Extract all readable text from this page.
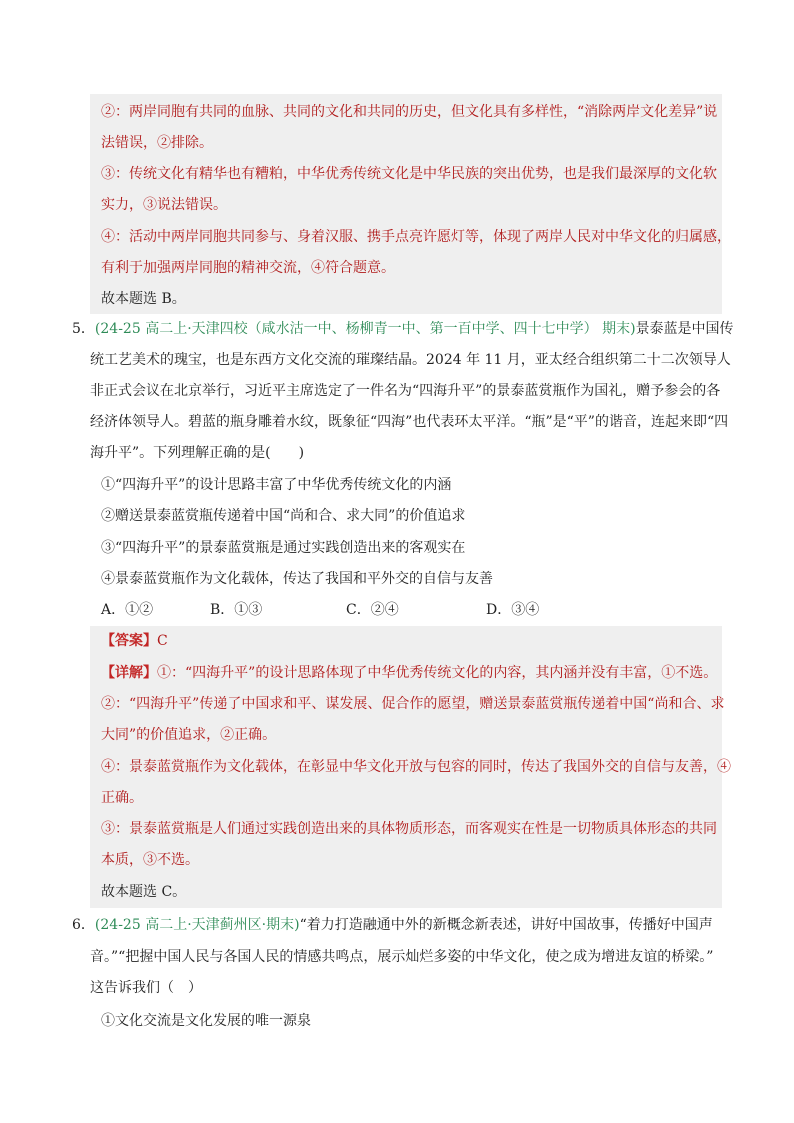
②：两岸同胞有共同的血脉、共同的文化和共同的历史，但文化具有多样性，“消除两岸文化差异”说
法错误，②排除。
③：传统文化有精华也有糟粕，中华优秀传统文化是中华民族的突出优势，也是我们最深厚的文化软
实力，③说法错误。
④：活动中两岸同胞共同参与、身着汉服、携手点亮许愿灯等，体现了两岸人民对中华文化的归属感，
有利于加强两岸同胞的精神交流，④符合题意。
故本题选 B。
5．(24-25 高二上·天津四校（咸水沽一中、杨柳青一中、第一百中学、四十七中学） 期末)景泰蓝是中国传
统工艺美术的瑰宝，也是东西方文化交流的璀璨结晶。2024 年 11 月，亚太经合组织第二十二次领导人
非正式会议在北京举行，习近平主席选定了一件名为“四海升平”的景泰蓝赏瓶作为国礼，赠予参会的各
经济体领导人。碧蓝的瓶身雕着水纹，既象征“四海”也代表环太平洋。“瓶”是“平”的谐音，连起来即“四
海升平”。下列理解正确的是(　　)
①“四海升平”的设计思路丰富了中华优秀传统文化的内涵
②赠送景泰蓝赏瓶传递着中国“尚和合、求大同”的价值追求
③“四海升平”的景泰蓝赏瓶是通过实践创造出来的客观实在
④景泰蓝赏瓶作为文化载体，传达了我国和平外交的自信与友善
A．①②	B．①③	C．②④	D．③④
【答案】C
【详解】①：“四海升平”的设计思路体现了中华优秀传统文化的内容，其内涵并没有丰富，①不选。
②：“四海升平”传递了中国求和平、谋发展、促合作的愿望，赠送景泰蓝赏瓶传递着中国“尚和合、求
大同”的价值追求，②正确。
④：景泰蓝赏瓶作为文化载体，在彰显中华文化开放与包容的同时，传达了我国外交的自信与友善，④
正确。
③：景泰蓝赏瓶是人们通过实践创造出来的具体物质形态，而客观实在性是一切物质具体形态的共同
本质，③不选。
故本题选 C。
6．(24-25 高二上·天津蓟州区·期末)“着力打造融通中外的新概念新表述，讲好中国故事，传播好中国声
音。”“把握中国人民与各国人民的情感共鸣点，展示灿烂多姿的中华文化，使之成为增进友谊的桥梁。”
这告诉我们（　）
①文化交流是文化发展的唯一源泉
